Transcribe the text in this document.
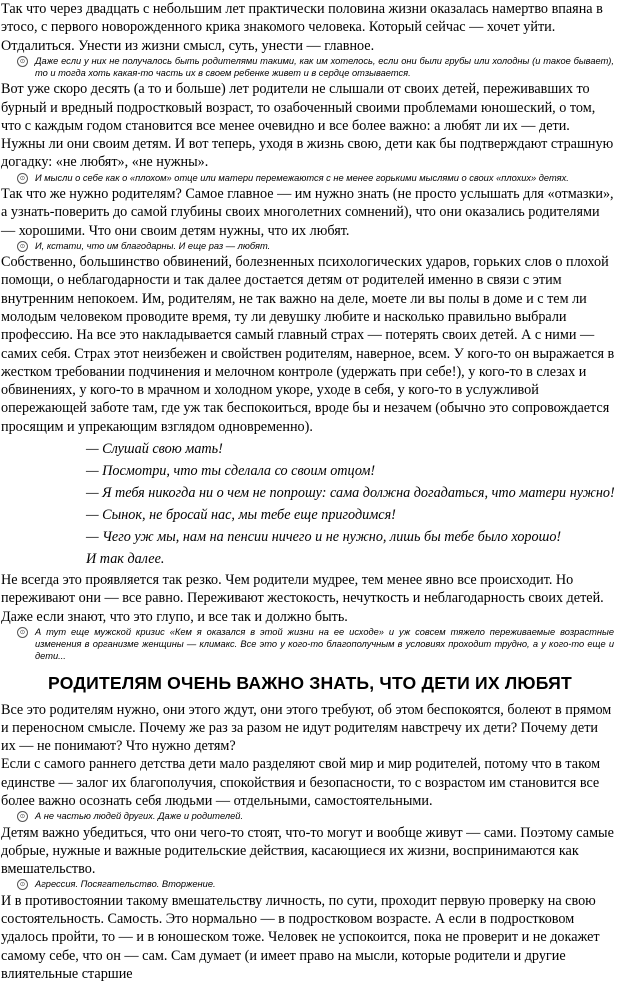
Так что через двадцать с небольшим лет практически половина жизни оказалась намертво впаяна в этосо, с первого новорожденного крика знакомого человека. Который сейчас — хочет уйти. Отдалиться. Унести из жизни смысл, суть, унести — главное.

⊙ Даже если у них не получалось быть родителями такими, как им хотелось, если они были грубы или холодны (и такое бывает), то и тогда хоть какая-то часть их в своем ребенке живет и в сердце отзывается.

Вот уже скоро десять (а то и больше) лет родители не слышали от своих детей, переживавших то бурный и вредный подростковый возраст, то озабоченный своими проблемами юношеский, о том, что с каждым годом становится все менее очевидно и все более важно: а любят ли их — дети. Нужны ли они своим детям. И вот теперь, уходя в жизнь свою, дети как бы подтверждают страшную догадку: «не любят», «не нужны».

⊙ И мысли о себе как о «плохом» отце или матери перемежаются с не менее горькими мыслями о своих «плохих» детях.

Так что же нужно родителям? Самое главное — им нужно знать (не просто услышать для «отмазки», а узнать-поверить до самой глубины своих многолетних сомнений), что они оказались родителями — хорошими. Что они своим детям нужны, что их любят.

⊙ И, кстати, что им благодарны. И еще раз — любят.

Собственно, большинство обвинений, болезненных психологических ударов, горьких слов о плохой помощи, о неблагодарности и так далее достается детям от родителей именно в связи с этим внутренним непокоем. Им, родителям, не так важно на деле, моете ли вы полы в доме и с тем ли молодым человеком проводите время, ту ли девушку любите и насколько правильно выбрали профессию. На все это накладывается самый главный страх — потерять своих детей. А с ними — самих себя. Страх этот неизбежен и свойствен родителям, наверное, всем. У кого-то он выражается в жестком требовании подчинения и мелочном контроле (удержать при себе!), у кого-то в слезах и обвинениях, у кого-то в мрачном и холодном укоре, уходе в себя, у кого-то в услужливой опережающей заботе там, где уж так беспокоиться, вроде бы и незачем (обычно это сопровождается просящим и упрекающим взглядом одновременно).

— Слушай свою мать!

— Посмотри, что ты сделала со своим отцом!

— Я тебя никогда ни о чем не попрошу: сама должна догадаться, что матери нужно!

— Сынок, не бросай нас, мы тебе еще пригодимся!

— Чего уж мы, нам на пенсии ничего и не нужно, лишь бы тебе было хорошо!

И так далее.

Не всегда это проявляется так резко. Чем родители мудрее, тем менее явно все происходит. Но переживают они — все равно. Переживают жестокость, нечуткость и неблагодарность своих детей. Даже если знают, что это глупо, и все так и должно быть.

⊙ А тут еще мужской кризис «Кем я оказался в этой жизни на ее исходе» и уж совсем тяжело переживаемые возрастные изменения в организме женщины — климакс. Все это у кого-то благополучным в условиях проходит трудно, а у кого-то еще и дети...
РОДИТЕЛЯМ ОЧЕНЬ ВАЖНО ЗНАТЬ, ЧТО ДЕТИ ИХ ЛЮБЯТ

Все это родителям нужно, они этого ждут, они этого требуют, об этом беспокоятся, болеют в прямом и переносном смысле. Почему же раз за разом не идут родителям навстречу их дети? Почему дети их — не понимают? Что нужно детям?

Если с самого раннего детства дети мало разделяют свой мир и мир родителей, потому что в таком единстве — залог их благополучия, спокойствия и безопасности, то с возрастом им становится все более важно осознать себя людьми — отдельными, самостоятельными.

⊙ А не частью людей других. Даже и родителей.

Детям важно убедиться, что они чего-то стоят, что-то могут и вообще живут — сами. Поэтому самые добрые, нужные и важные родительские действия, касающиеся их жизни, воспринимаются как вмешательство.

⊙ Агрессия. Посягательство. Вторжение.

И в противостоянии такому вмешательству личность, по сути, проходит первую проверку на свою состоятельность. Самость. Это нормально — в подростковом возрасте. А если в подростковом удалось пройти, то — и в юношеском тоже. Человек не успокоится, пока не проверит и не докажет самому себе, что он — сам. Сам думает (и имеет право на мысли, которые родители и другие влиятельные старшие
